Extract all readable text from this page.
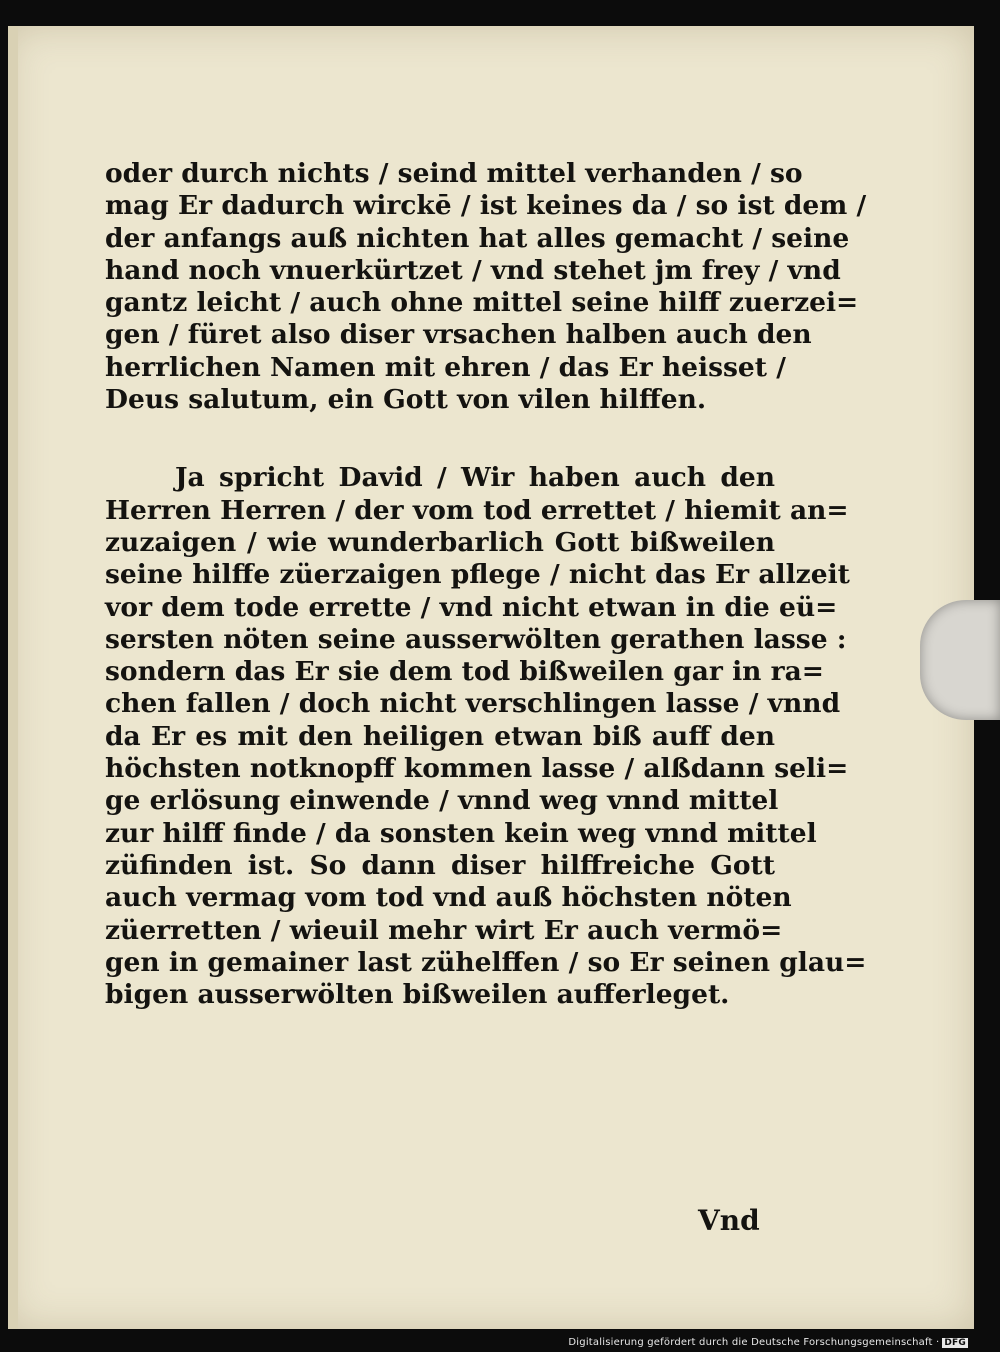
oder durch nichts / seind mittel verhanden / so
mag Er dadurch wirckē / ist keines da / so ist dem /
der anfangs auß nichten hat alles gemacht / seine
hand noch vnuerkürtzet / vnd stehet jm frey / vnd
gantz leicht / auch ohne mittel seine hilff zuerzei=
gen / füret also diser vrsachen halben auch den
herrlichen Namen mit ehren / das Er heisset /
Deus salutum, ein Gott von vilen hilffen.
Ja spricht David / Wir haben auch den
Herren Herren / der vom tod errettet / hiemit an=
zuzaigen / wie wunderbarlich Gott bißweilen
seine hilffe züerzaigen pflege / nicht das Er allzeit
vor dem tode errette / vnd nicht etwan in die eü=
sersten nöten seine ausserwölten gerathen lasse :
sondern das Er sie dem tod bißweilen gar in ra=
chen fallen / doch nicht verschlingen lasse / vnnd
da Er es mit den heiligen etwan biß auff den
höchsten notknopff kommen lasse / alßdann seli=
ge erlösung einwende / vnnd weg vnnd mittel
zur hilff finde / da sonsten kein weg vnnd mittel
züfinden ist. So dann diser hilffreiche Gott
auch vermag vom tod vnd auß höchsten nöten
züerretten / wieuil mehr wirt Er auch vermö=
gen in gemainer last zühelffen / so Er seinen glau=
bigen ausserwölten bißweilen aufferleget.
Vnd
Digitalisierung gefördert durch die Deutsche Forschungsgemeinschaft · DFG
